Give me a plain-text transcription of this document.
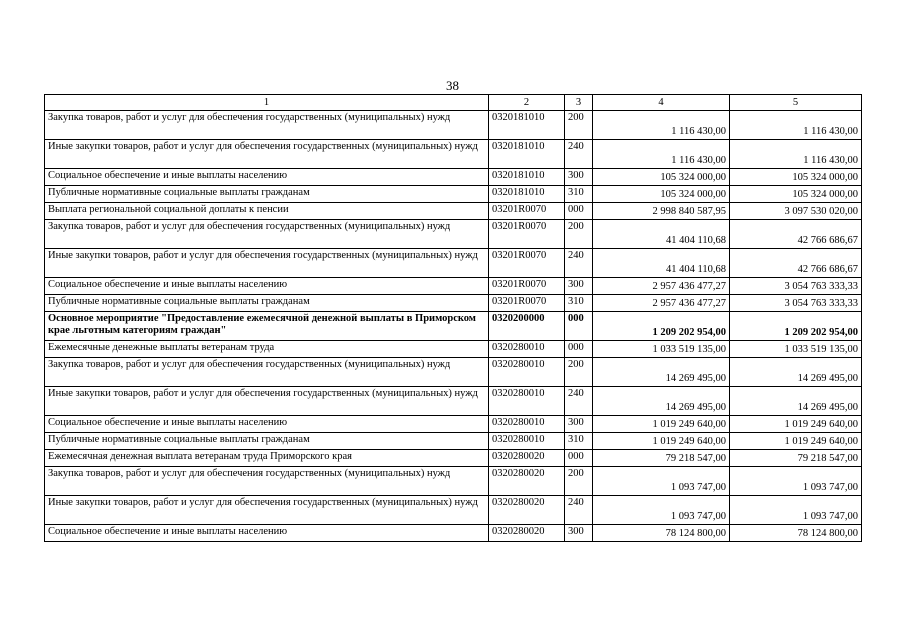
38
1	2	3	4	5
Закупка товаров, работ и услуг для обеспечения государственных (муниципальных) нужд	0320181010	200	1 116 430,00	1 116 430,00
Иные закупки товаров, работ и услуг для обеспечения государственных (муниципальных) нужд	0320181010	240	1 116 430,00	1 116 430,00
Социальное обеспечение и иные выплаты населению	0320181010	300	105 324 000,00	105 324 000,00
Публичные нормативные социальные выплаты гражданам	0320181010	310	105 324 000,00	105 324 000,00
Выплата региональной социальной доплаты к пенсии	03201R0070	000	2 998 840 587,95	3 097 530 020,00
Закупка товаров, работ и услуг для обеспечения государственных (муниципальных) нужд	03201R0070	200	41 404 110,68	42 766 686,67
Иные закупки товаров, работ и услуг для обеспечения государственных (муниципальных) нужд	03201R0070	240	41 404 110,68	42 766 686,67
Социальное обеспечение и иные выплаты населению	03201R0070	300	2 957 436 477,27	3 054 763 333,33
Публичные нормативные социальные выплаты гражданам	03201R0070	310	2 957 436 477,27	3 054 763 333,33
Основное мероприятие "Предоставление ежемесячной денежной выплаты в Приморском крае льготным категориям граждан"	0320200000	000	1 209 202 954,00	1 209 202 954,00
Ежемесячные денежные выплаты ветеранам труда	0320280010	000	1 033 519 135,00	1 033 519 135,00
Закупка товаров, работ и услуг для обеспечения государственных (муниципальных) нужд	0320280010	200	14 269 495,00	14 269 495,00
Иные закупки товаров, работ и услуг для обеспечения государственных (муниципальных) нужд	0320280010	240	14 269 495,00	14 269 495,00
Социальное обеспечение и иные выплаты населению	0320280010	300	1 019 249 640,00	1 019 249 640,00
Публичные нормативные социальные выплаты гражданам	0320280010	310	1 019 249 640,00	1 019 249 640,00
Ежемесячная денежная выплата ветеранам труда Приморского края	0320280020	000	79 218 547,00	79 218 547,00
Закупка товаров, работ и услуг для обеспечения государственных (муниципальных) нужд	0320280020	200	1 093 747,00	1 093 747,00
Иные закупки товаров, работ и услуг для обеспечения государственных (муниципальных) нужд	0320280020	240	1 093 747,00	1 093 747,00
Социальное обеспечение и иные выплаты населению	0320280020	300	78 124 800,00	78 124 800,00
